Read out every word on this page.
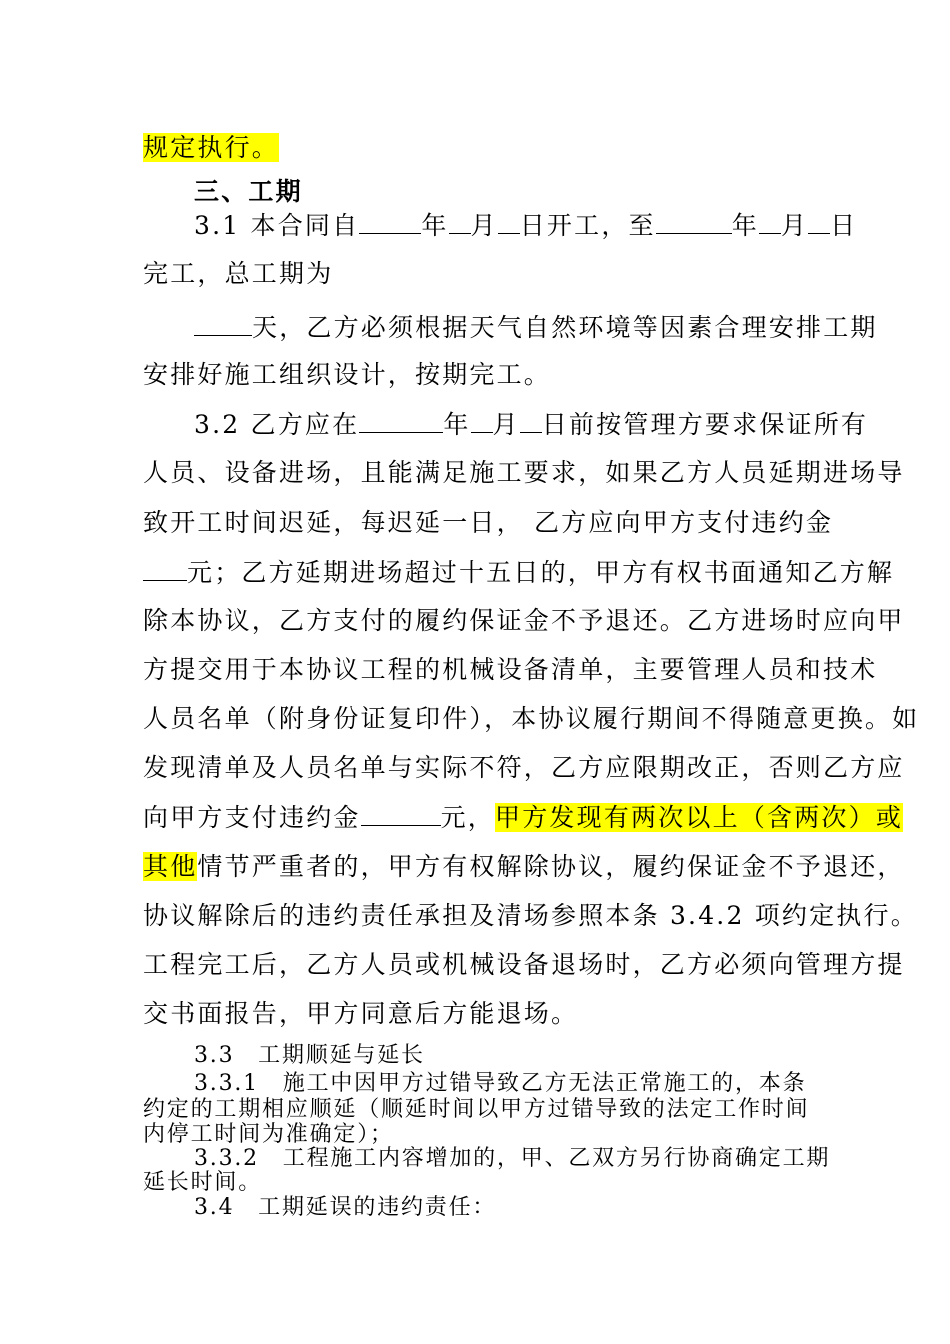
规定执行。
三、工期
3.1 本合同自 年 月 日开工，至	年 月 日
完工，总工期为
天，乙方必须根据天气自然环境等因素合理安排工期
安排好施工组织设计，按期完工。
3.2 乙方应在	年 月 日前按管理方要求保证所有
人员、设备进场，且能满足施工要求，如果乙方人员延期进场导
致开工时间迟延，每迟延一日， 乙方应向甲方支付违约金
元；乙方延期进场超过十五日的，甲方有权书面通知乙方解
除本协议，乙方支付的履约保证金不予退还。乙方进场时应向甲
方提交用于本协议工程的机械设备清单，主要管理人员和技术
人员名单（附身份证复印件），本协议履行期间不得随意更换。如
发现清单及人员名单与实际不符，乙方应限期改正，否则乙方应
向甲方支付违约金	元，甲方发现有两次以上（含两次）或
其他情节严重者的，甲方有权解除协议，履约保证金不予退还，
协议解除后的违约责任承担及清场参照本条 3.4.2 项约定执行。
工程完工后，乙方人员或机械设备退场时，乙方必须向管理方提
交书面报告，甲方同意后方能退场。
3.3　工期顺延与延长
3.3.1　施工中因甲方过错导致乙方无法正常施工的，本条
约定的工期相应顺延（顺延时间以甲方过错导致的法定工作时间
内停工时间为准确定）；
3.3.2　工程施工内容增加的，甲、乙双方另行协商确定工期
延长时间。
3.4　工期延误的违约责任：
